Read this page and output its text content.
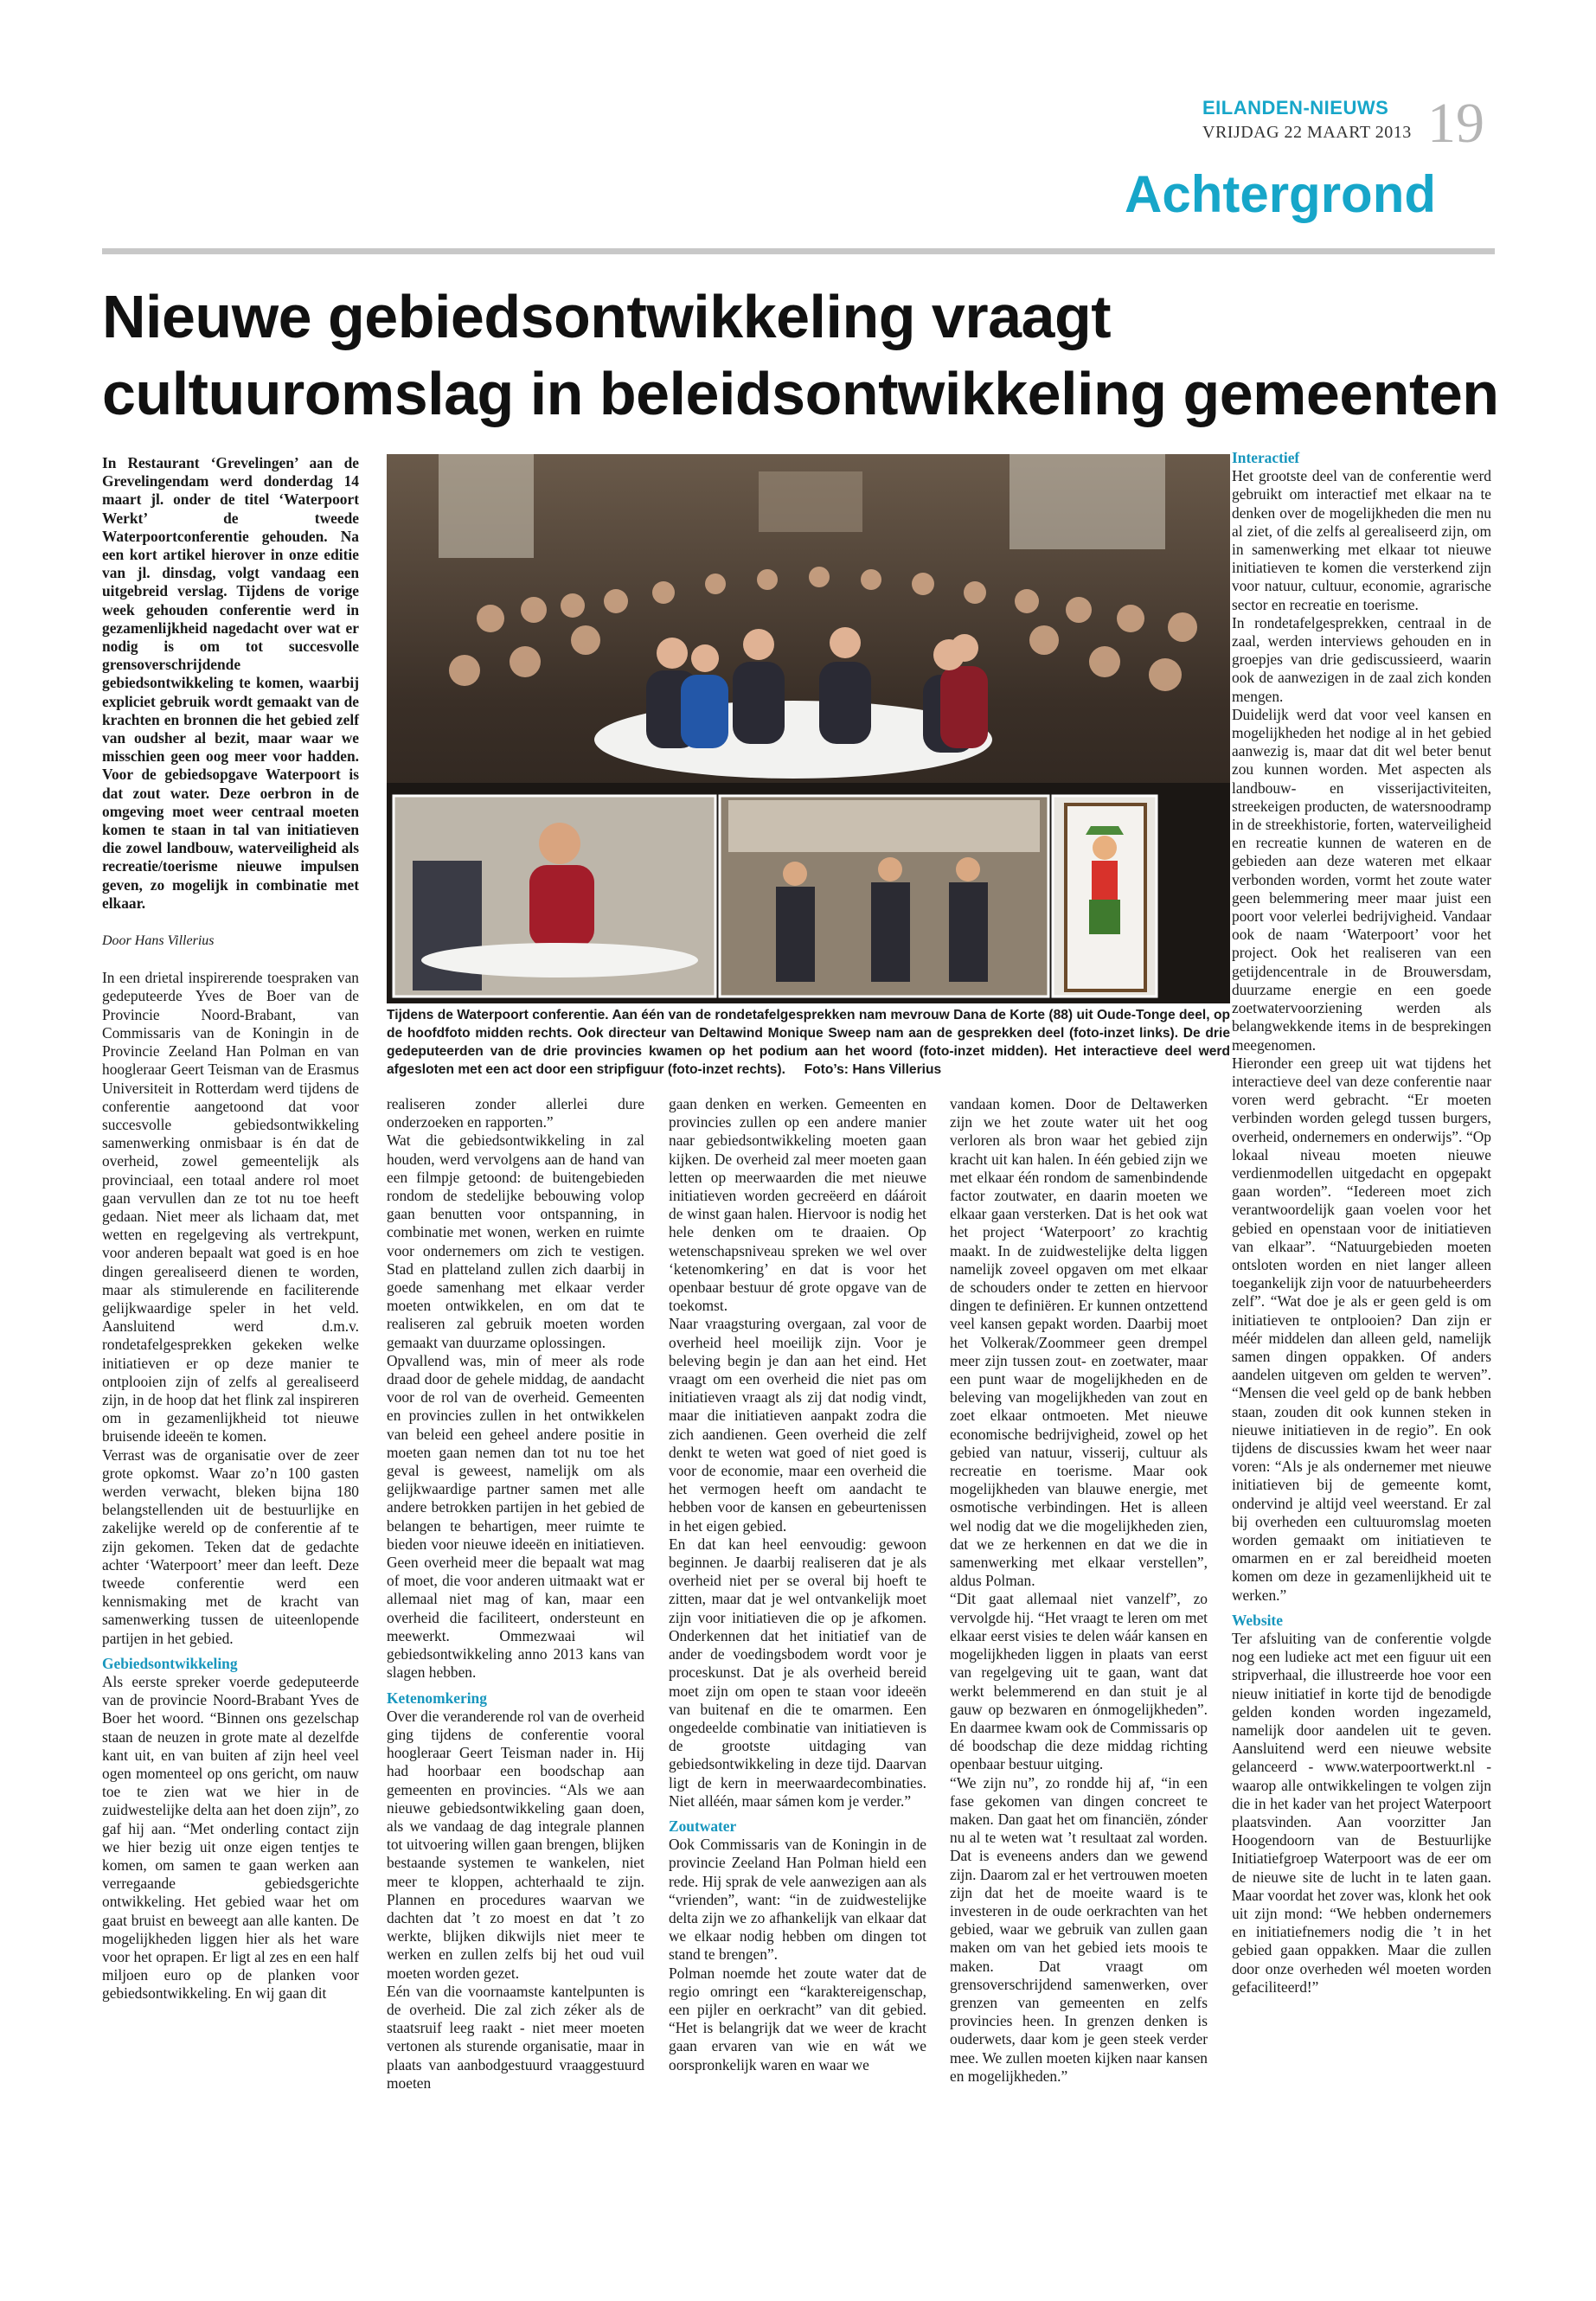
EILANDEN-NIEUWS
VRIJDAG 22 MAART 2013 19
Achtergrond
Nieuwe gebiedsontwikkeling vraagt cultuuromslag in beleidsontwikkeling gemeenten

In Restaurant ‘Grevelingen’ aan de Grevelingendam werd donderdag 14 maart jl. onder de titel ‘Waterpoort Werkt’ de tweede Waterpoortconferentie gehouden. Na een kort artikel hierover in onze editie van jl. dinsdag, volgt vandaag een uitgebreid verslag. Tijdens de vorige week gehouden conferentie werd in gezamenlijkheid nagedacht over wat er nodig is om tot succesvolle grensoverschrijdende gebiedsontwikkeling te komen, waarbij expliciet gebruik wordt gemaakt van de krachten en bronnen die het gebied zelf van oudsher al bezit, maar waar we misschien geen oog meer voor hadden. Voor de gebiedsopgave Waterpoort is dat zout water. Deze oerbron in de omgeving moet weer centraal moeten komen te staan in tal van initiatieven die zowel landbouw, waterveiligheid als recreatie/toerisme nieuwe impulsen geven, zo mogelijk in combinatie met elkaar.

Door Hans Villerius

In een drietal inspirerende toespraken van gedeputeerde Yves de Boer van de Provincie Noord-Brabant, van Commissaris van de Koningin in de Provincie Zeeland Han Polman en van hoogleraar Geert Teisman van de Erasmus Universiteit in Rotterdam werd tijdens de conferentie aangetoond dat voor succesvolle gebiedsontwikkeling samenwerking onmisbaar is én dat de overheid, zowel gemeentelijk als provinciaal, een totaal andere rol moet gaan vervullen dan ze tot nu toe heeft gedaan. Niet meer als lichaam dat, met wetten en regelgeving als vertrekpunt, voor anderen bepaalt wat goed is en hoe dingen gerealiseerd dienen te worden, maar als stimulerende en faciliterende gelijkwaardige speler in het veld. Aansluitend werd d.m.v. rondetafelgesprekken gekeken welke initiatieven er op deze manier te ontplooien zijn of zelfs al gerealiseerd zijn, in de hoop dat het flink zal inspireren om in gezamenlijkheid tot nieuwe bruisende ideeën te komen.

Verrast was de organisatie over de zeer grote opkomst. Waar zo’n 100 gasten werden verwacht, bleken bijna 180 belangstellenden uit de bestuurlijke en zakelijke wereld op de conferentie af te zijn gekomen. Teken dat de gedachte achter ‘Waterpoort’ meer dan leeft. Deze tweede conferentie werd een kennismaking met de kracht van samenwerking tussen de uiteenlopende partijen in het gebied.

Gebiedsontwikkeling

Als eerste spreker voerde gedeputeerde van de provincie Noord-Brabant Yves de Boer het woord. “Binnen ons gezelschap staan de neuzen in grote mate al dezelfde kant uit, en van buiten af zijn heel veel ogen momenteel op ons gericht, om nauw toe te zien wat we hier in de zuidwestelijke delta aan het doen zijn”, zo gaf hij aan. “Met onderling contact zijn we hier bezig uit onze eigen tentjes te komen, om samen te gaan werken aan verregaande gebiedsgerichte ontwikkeling. Het gebied waar het om gaat bruist en beweegt aan alle kanten. De mogelijkheden liggen hier als het ware voor het oprapen. Er ligt al zes en een half miljoen euro op de planken voor gebiedsontwikkeling. En wij gaan dit

Tijdens de Waterpoort conferentie. Aan één van de rondetafelgesprekken nam mevrouw Dana de Korte (88) uit Oude-Tonge deel, op de hoofdfoto midden rechts. Ook directeur van Deltawind Monique Sweep nam aan de gesprekken deel (foto-inzet links). De drie gedeputeerden van de drie provincies kwamen op het podium aan het woord (foto-inzet midden). Het interactieve deel werd afgesloten met een act door een stripfiguur (foto-inzet rechts). Foto’s: Hans Villerius

realiseren zonder allerlei dure onderzoeken en rapporten.”

Wat die gebiedsontwikkeling in zal houden, werd vervolgens aan de hand van een filmpje getoond: de buitengebieden rondom de stedelijke bebouwing volop gaan benutten voor ontspanning, in combinatie met wonen, werken en ruimte voor ondernemers om zich te vestigen. Stad en platteland zullen zich daarbij in goede samenhang met elkaar verder moeten ontwikkelen, en om dat te realiseren zal gebruik moeten worden gemaakt van duurzame oplossingen.

Opvallend was, min of meer als rode draad door de gehele middag, de aandacht voor de rol van de overheid. Gemeenten en provincies zullen in het ontwikkelen van beleid een geheel andere positie in moeten gaan nemen dan tot nu toe het geval is geweest, namelijk om als gelijkwaardige partner samen met alle andere betrokken partijen in het gebied de belangen te behartigen, meer ruimte te bieden voor nieuwe ideeën en initiatieven. Geen overheid meer die bepaalt wat mag of moet, die voor anderen uitmaakt wat er allemaal niet mag of kan, maar een overheid die faciliteert, ondersteunt en meewerkt. Ommezwaai wil gebiedsontwikkeling anno 2013 kans van slagen hebben.

Ketenomkering

Over die veranderende rol van de overheid ging tijdens de conferentie vooral hoogleraar Geert Teisman nader in. Hij had hoorbaar een boodschap aan gemeenten en provincies. “Als we aan nieuwe gebiedsontwikkeling gaan doen, als we vandaag de dag integrale plannen tot uitvoering willen gaan brengen, blijken bestaande systemen te wankelen, niet meer te kloppen, achterhaald te zijn. Plannen en procedures waarvan we dachten dat ’t zo moest en dat ’t zo werkte, blijken dikwijls niet meer te werken en zullen zelfs bij het oud vuil moeten worden gezet.

Eén van die voornaamste kantelpunten is de overheid. Die zal zich zéker als de staatsruif leeg raakt - niet meer moeten vertonen als sturende organisatie, maar in plaats van aanbodgestuurd vraaggestuurd moeten

gaan denken en werken. Gemeenten en provincies zullen op een andere manier naar gebiedsontwikkeling moeten gaan kijken. De overheid zal meer moeten gaan letten op meerwaarden die met nieuwe initiatieven worden gecreëerd en dáároit de winst gaan halen. Hiervoor is nodig het hele denken om te draaien. Op wetenschapsniveau spreken we wel over ‘ketenomkering’ en dat is voor het openbaar bestuur dé grote opgave van de toekomst.

Naar vraagsturing overgaan, zal voor de overheid heel moeilijk zijn. Voor je beleving begin je dan aan het eind. Het vraagt om een overheid die niet pas om initiatieven vraagt als zij dat nodig vindt, maar die initiatieven aanpakt zodra die zich aandienen. Geen overheid die zelf denkt te weten wat goed of niet goed is voor de economie, maar een overheid die het vermogen heeft om aandacht te hebben voor de kansen en gebeurtenissen in het eigen gebied.

En dat kan heel eenvoudig: gewoon beginnen. Je daarbij realiseren dat je als overheid niet per se overal bij hoeft te zitten, maar dat je wel ontvankelijk moet zijn voor initiatieven die op je afkomen. Onderkennen dat het initiatief van de ander de voedingsbodem wordt voor je proceskunst. Dat je als overheid bereid moet zijn om open te staan voor ideeën van buitenaf en die te omarmen. Een ongedeelde combinatie van initiatieven is de grootste uitdaging van gebiedsontwikkeling in deze tijd. Daarvan ligt de kern in meerwaardecombinaties. Niet alléén, maar sámen kom je verder.”

Zoutwater

Ook Commissaris van de Koningin in de provincie Zeeland Han Polman hield een rede. Hij sprak de vele aanwezigen aan als “vrienden”, want: “in de zuidwestelijke delta zijn we zo afhankelijk van elkaar dat we elkaar nodig hebben om dingen tot stand te brengen”.

Polman noemde het zoute water dat de regio omringt een “karaktereigenschap, een pijler en oerkracht” van dit gebied. “Het is belangrijk dat we weer de kracht gaan ervaren van wie en wát we oorspronkelijk waren en waar we

vandaan komen. Door de Deltawerken zijn we het zoute water uit het oog verloren als bron waar het gebied zijn kracht uit kan halen. In één gebied zijn we met elkaar één rondom de samenbindende factor zoutwater, en daarin moeten we elkaar gaan versterken. Dat is het ook wat het project ‘Waterpoort’ zo krachtig maakt. In de zuidwestelijke delta liggen namelijk zoveel opgaven om met elkaar de schouders onder te zetten en hiervoor dingen te definiëren. Er kunnen ontzettend veel kansen gepakt worden. Daarbij moet het Volkerak/Zoommeer geen drempel meer zijn tussen zout- en zoetwater, maar een punt waar de mogelijkheden en de beleving van mogelijkheden van zout en zoet elkaar ontmoeten. Met nieuwe economische bedrijvigheid, zowel op het gebied van natuur, visserij, cultuur als recreatie en toerisme. Maar ook mogelijkheden van blauwe energie, met osmotische verbindingen. Het is alleen wel nodig dat we die mogelijkheden zien, dat we ze herkennen en dat we die in samenwerking met elkaar verstellen”, aldus Polman.

“Dit gaat allemaal niet vanzelf”, zo vervolgde hij. “Het vraagt te leren om met elkaar eerst visies te delen wáár kansen en mogelijkheden liggen in plaats van eerst van regelgeving uit te gaan, want dat werkt belemmerend en dan stuit je al gauw op bezwaren en ónmogelijkheden”. En daarmee kwam ook de Commissaris op dé boodschap die deze middag richting openbaar bestuur uitging.

“We zijn nu”, zo rondde hij af, “in een fase gekomen van dingen concreet te maken. Dan gaat het om financiën, zónder nu al te weten wat ’t resultaat zal worden. Dat is eveneens anders dan we gewend zijn. Daarom zal er het vertrouwen moeten zijn dat het de moeite waard is te investeren in de oude oerkrachten van het gebied, waar we gebruik van zullen gaan maken om van het gebied iets moois te maken. Dat vraagt om grensoverschrijdend samenwerken, over grenzen van gemeenten en zelfs provincies heen. In grenzen denken is ouderwets, daar kom je geen steek verder mee. We zullen moeten kijken naar kansen en mogelijkheden.”

Interactief

Het grootste deel van de conferentie werd gebruikt om interactief met elkaar na te denken over de mogelijkheden die men nu al ziet, of die zelfs al gerealiseerd zijn, om in samenwerking met elkaar tot nieuwe initiatieven te komen die versterkend zijn voor natuur, cultuur, economie, agrarische sector en recreatie en toerisme.

In rondetafelgesprekken, centraal in de zaal, werden interviews gehouden en in groepjes van drie gediscussieerd, waarin ook de aanwezigen in de zaal zich konden mengen.

Duidelijk werd dat voor veel kansen en mogelijkheden het nodige al in het gebied aanwezig is, maar dat dit wel beter benut zou kunnen worden. Met aspecten als landbouw- en visserijactiviteiten, streekeigen producten, de watersnoodramp in de streekhistorie, forten, waterveiligheid en recreatie kunnen de wateren en de gebieden aan deze wateren met elkaar verbonden worden, vormt het zoute water geen belemmering meer maar juist een poort voor velerlei bedrijvigheid. Vandaar ook de naam ‘Waterpoort’ voor het project. Ook het realiseren van een getijdencentrale in de Brouwersdam, duurzame energie en een goede zoetwatervoorziening werden als belangwekkende items in de besprekingen meegenomen.

Hieronder een greep uit wat tijdens het interactieve deel van deze conferentie naar voren werd gebracht. “Er moeten verbinden worden gelegd tussen burgers, overheid, ondernemers en onderwijs”. “Op lokaal niveau moeten nieuwe verdienmodellen uitgedacht en opgepakt gaan worden”. “Iedereen moet zich verantwoordelijk gaan voelen voor het gebied en openstaan voor de initiatieven van elkaar”. “Natuurgebieden moeten ontsloten worden en niet langer alleen toegankelijk zijn voor de natuurbeheerders zelf”. “Wat doe je als er geen geld is om initiatieven te ontplooien? Dan zijn er méér middelen dan alleen geld, namelijk samen dingen oppakken. Of anders aandelen uitgeven om gelden te werven”. “Mensen die veel geld op de bank hebben staan, zouden dit ook kunnen steken in nieuwe initiatieven in de regio”. En ook tijdens de discussies kwam het weer naar voren: “Als je als ondernemer met nieuwe initiatieven bij de gemeente komt, ondervind je altijd veel weerstand. Er zal bij overheden een cultuuromslag moeten worden gemaakt om initiatieven te omarmen en er zal bereidheid moeten komen om deze in gezamenlijkheid uit te werken.”

Website

Ter afsluiting van de conferentie volgde nog een ludieke act met een figuur uit een stripverhaal, die illustreerde hoe voor een nieuw initiatief in korte tijd de benodigde gelden konden worden ingezameld, namelijk door aandelen uit te geven. Aansluitend werd een nieuwe website gelanceerd - www.waterpoortwerkt.nl - waarop alle ontwikkelingen te volgen zijn die in het kader van het project Waterpoort plaatsvinden. Aan voorzitter Jan Hoogendoorn van de Bestuurlijke Initiatiefgroep Waterpoort was de eer om de nieuwe site de lucht in te laten gaan. Maar voordat het zover was, klonk het ook uit zijn mond: “We hebben ondernemers en initiatiefnemers nodig die ’t in het gebied gaan oppakken. Maar die zullen door onze overheden wél moeten worden gefaciliteerd!”
